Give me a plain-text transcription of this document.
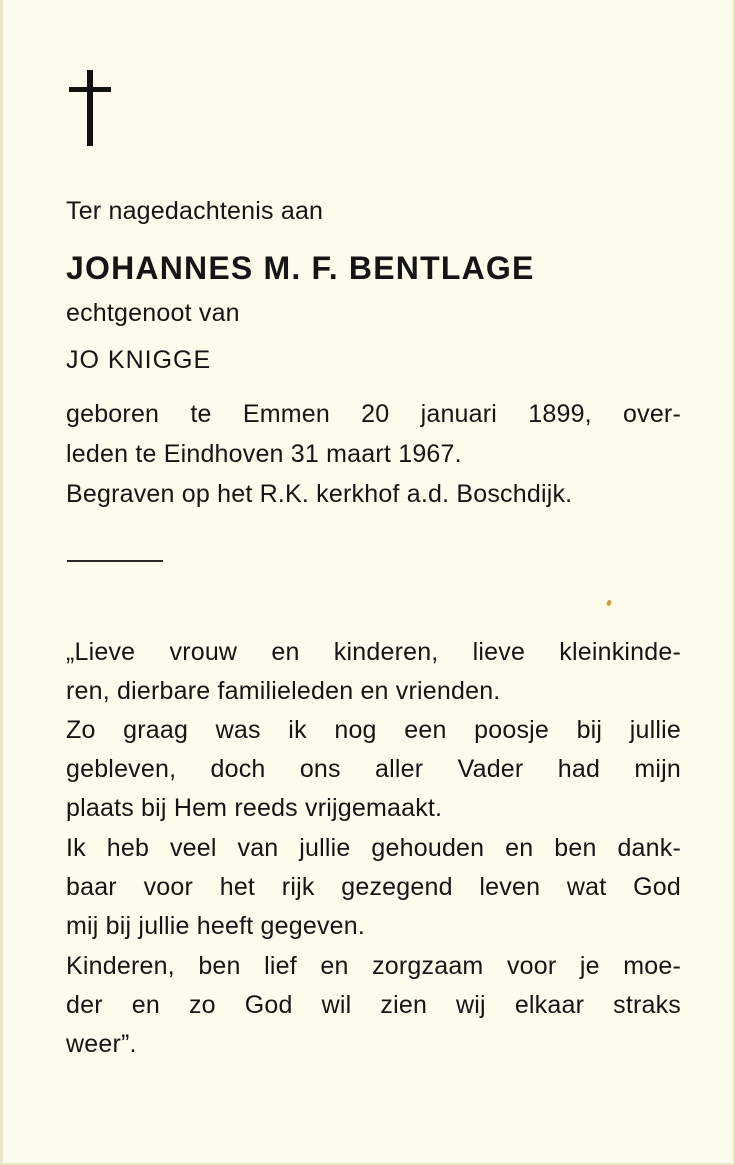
Ter nagedachtenis aan
JOHANNES M. F. BENTLAGE
echtgenoot van
JO KNIGGE
geboren te Emmen 20 januari 1899, over-
leden te Eindhoven 31 maart 1967.
Begraven op het R.K. kerkhof a.d. Boschdijk.
„Lieve vrouw en kinderen, lieve kleinkinde-
ren, dierbare familieleden en vrienden.
Zo graag was ik nog een poosje bij jullie
gebleven, doch ons aller Vader had mijn
plaats bij Hem reeds vrijgemaakt.
Ik heb veel van jullie gehouden en ben dank-
baar voor het rijk gezegend leven wat God
mij bij jullie heeft gegeven.
Kinderen, ben lief en zorgzaam voor je moe-
der en zo God wil zien wij elkaar straks
weer”.
